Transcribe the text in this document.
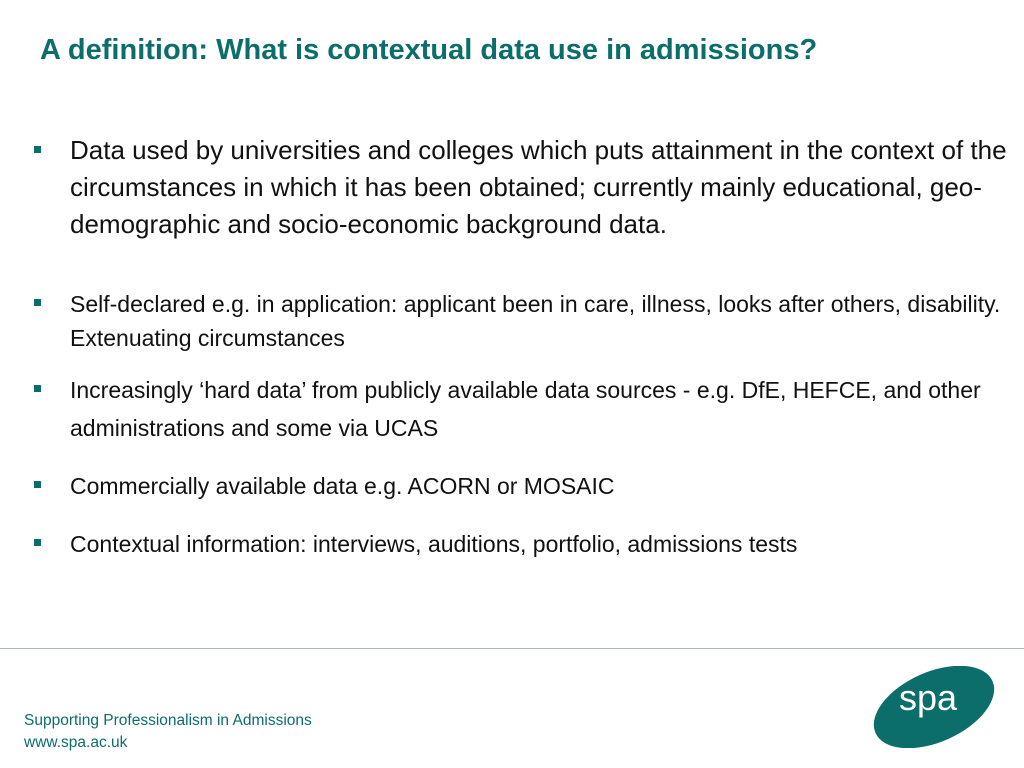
A definition: What is contextual data use in admissions?
Data used by universities and colleges which puts attainment in the context of the circumstances in which it has been obtained; currently mainly educational, geo-demographic and socio-economic background data.
Self-declared e.g. in application: applicant been in care, illness, looks after others, disability. Extenuating circumstances
Increasingly ‘hard data’ from publicly available data sources - e.g. DfE, HEFCE, and other administrations and some via UCAS
Commercially available data e.g. ACORN or MOSAIC
Contextual information: interviews, auditions, portfolio, admissions tests
Supporting Professionalism in Admissions
www.spa.ac.uk
spa
